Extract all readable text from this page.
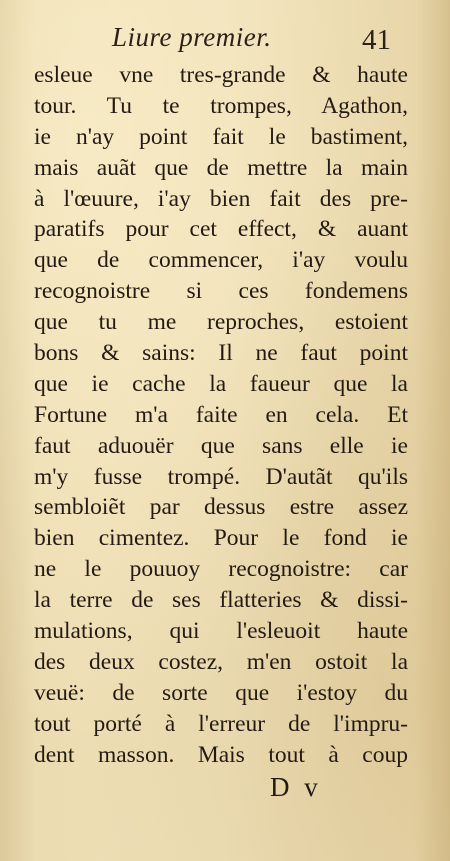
Liure premier.	41
esleue vne tres-grande & haute
tour. Tu te trompes, Agathon,
ie n'ay point fait le bastiment,
mais auãt que de mettre la main
à l'œuure, i'ay bien fait des pre-
paratifs pour cet effect, & auant
que de commencer, i'ay voulu
recognoistre si ces fondemens
que tu me reproches, estoient
bons & sains: Il ne faut point
que ie cache la faueur que la
Fortune m'a faite en cela. Et
faut aduouër que sans elle ie
m'y fusse trompé. D'autãt qu'ils
sembloiẽt par dessus estre assez
bien cimentez. Pour le fond ie
ne le pouuoy recognoistre: car
la terre de ses flatteries & dissi-
mulations, qui l'esleuoit haute
des deux costez, m'en ostoit la
veuë: de sorte que i'estoy du
tout porté à l'erreur de l'impru-
dent masson. Mais tout à coup
D v
